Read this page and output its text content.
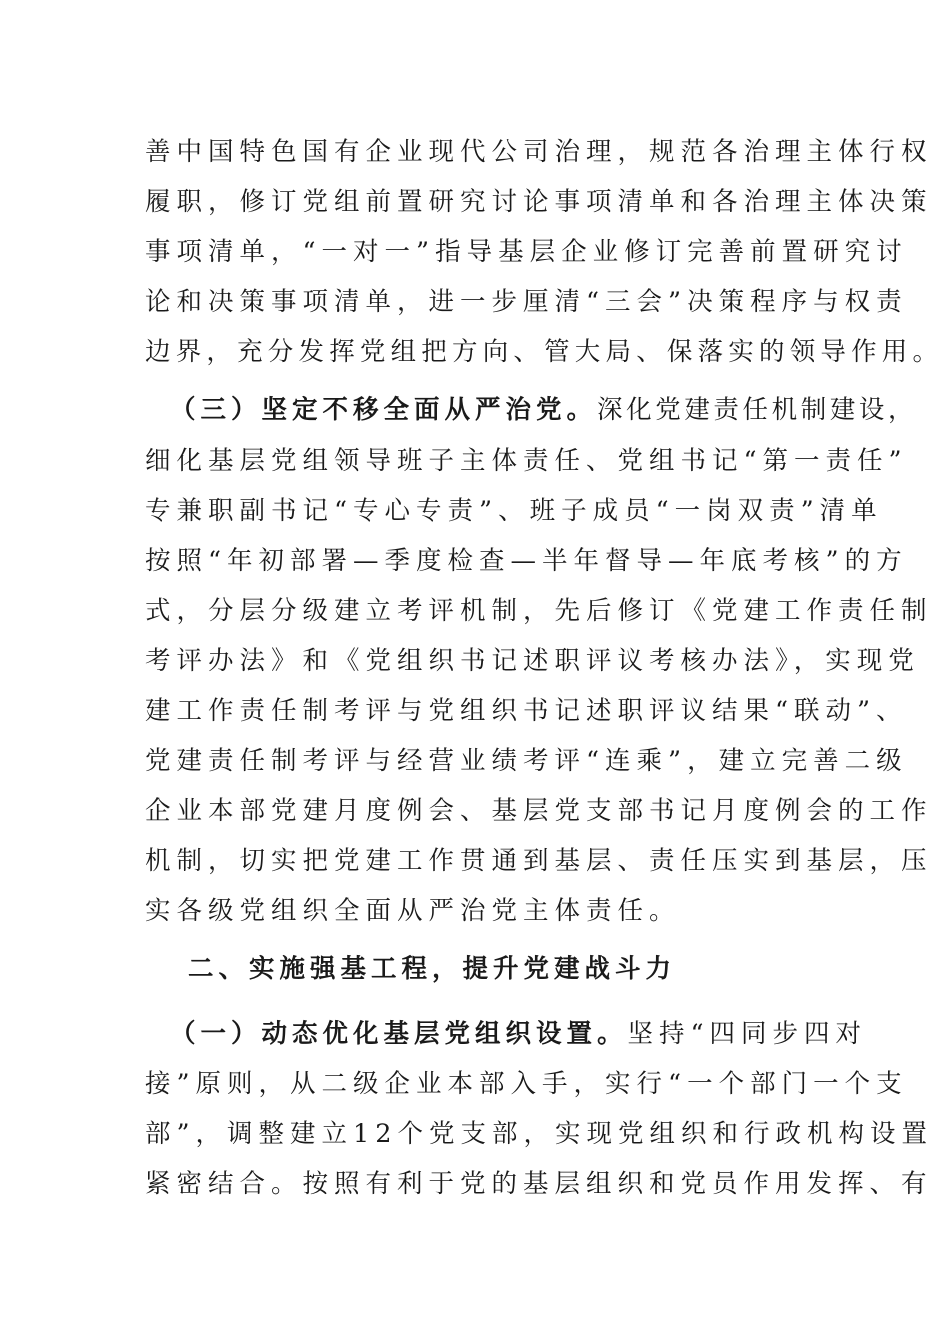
善中国特色国有企业现代公司治理，规范各治理主体行权
履职，修订党组前置研究讨论事项清单和各治理主体决策
事项清单，“一对一”指导基层企业修订完善前置研究讨
论和决策事项清单，进一步厘清“三会”决策程序与权责
边界，充分发挥党组把方向、管大局、保落实的领导作用。
（三）坚定不移全面从严治党。深化党建责任机制建设，
细化基层党组领导班子主体责任、党组书记“第一责任”
专兼职副书记“专心专责”、班子成员“一岗双责”清单
按照“年初部署—季度检查—半年督导—年底考核”的方
式，分层分级建立考评机制，先后修订《党建工作责任制
考评办法》和《党组织书记述职评议考核办法》，实现党
建工作责任制考评与党组织书记述职评议结果“联动”、
党建责任制考评与经营业绩考评“连乘”，建立完善二级
企业本部党建月度例会、基层党支部书记月度例会的工作
机制，切实把党建工作贯通到基层、责任压实到基层，压
实各级党组织全面从严治党主体责任。
二、实施强基工程，提升党建战斗力
（一）动态优化基层党组织设置。坚持“四同步四对
接”原则，从二级企业本部入手，实行“一个部门一个支
部”，调整建立12个党支部，实现党组织和行政机构设置
紧密结合。按照有利于党的基层组织和党员作用发挥、有
